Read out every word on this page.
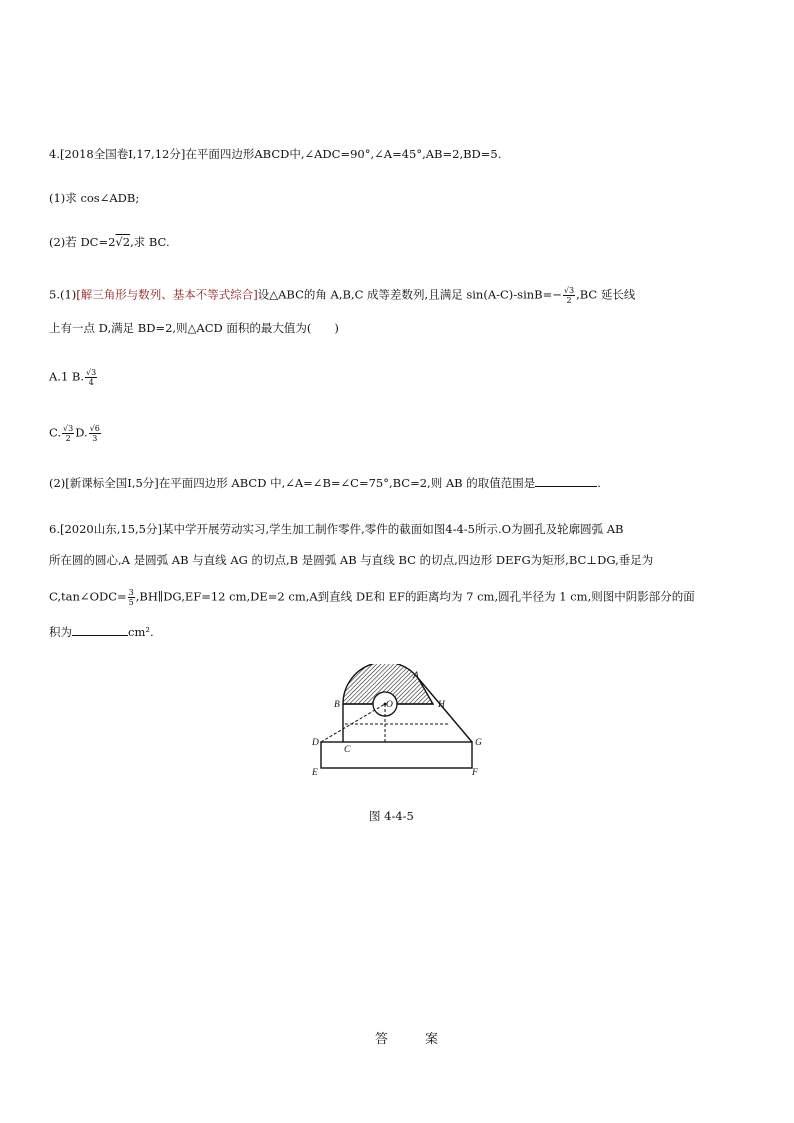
4.[2018全国卷Ⅰ,17,12分]在平面四边形ABCD中,∠ADC=90°,∠A=45°,AB=2,BD=5.
(1)求 cos∠ADB;
(2)若 DC=2√2,求 BC.
5.(1)[解三角形与数列、基本不等式综合]设△ABC的角 A,B,C 成等差数列,且满足 $\sin(A-C)-\sin B=- \frac{√3}{2} ,BC$ 延长线
上有一点 D,满足 BD=2,则△ACD 面积的最大值为(　　)
A.1 B. $\frac{√3}{4}$
C. $\frac{√3}{2} D$. $\frac{√6}{3}$
(2)[新课标全国Ⅰ,5分]在平面四边形 ABCD 中,∠A=∠B=∠C=75°,BC=2,则 AB 的取值范围是	.
6.[2020山东,15,5分]某中学开展劳动实习,学生加工制作零件,零件的截面如图4-4-5所示.O为圆孔及轮廓圆弧 AB
所在圆的圆心,A 是圆弧 AB 与直线 AG 的切点,B 是圆弧 AB 与直线 BC 的切点,四边形 DEFG为矩形,BC⊥DG,垂足为
C,tan∠ODC= $\frac{3}{5}$ ,BH∥DG,EF=12 cm,DE=2 cm,A到直线 DE和 EF的距离均为 7 cm,圆孔半径为 1 cm,则图中阴影部分的面
积为	cm².
A
B	O	H
D
C
G
E	F
图 4-4-5
答　案
